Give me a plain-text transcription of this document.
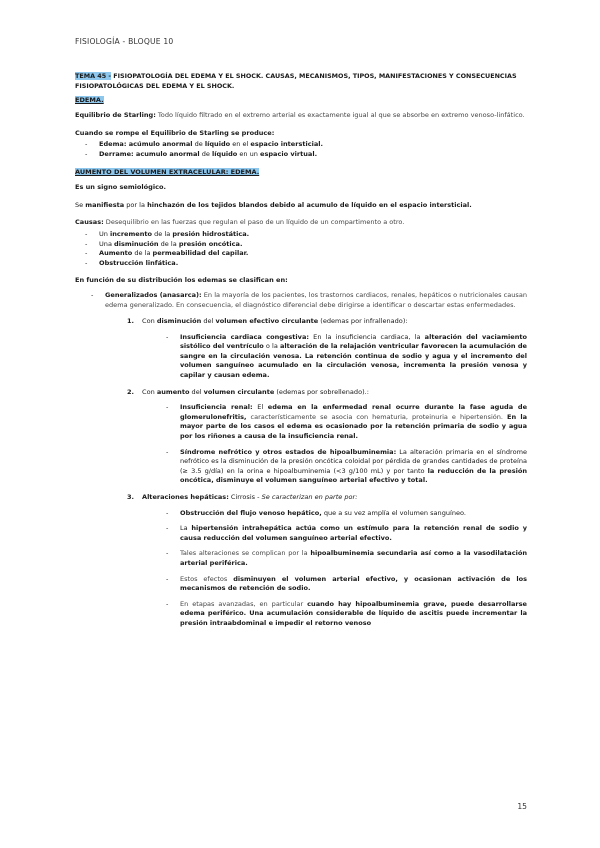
FISIOLOGÍA - BLOQUE 10

TEMA 45 - FISIOPATOLOGÍA DEL EDEMA Y EL SHOCK. CAUSAS, MECANISMOS, TIPOS, MANIFESTACIONES Y CONSECUENCIAS FISIOPATOLÓGICAS DEL EDEMA Y EL SHOCK.

EDEMA.

Equilibrio de Starling: Todo líquido filtrado en el extremo arterial es exactamente igual al que se absorbe en extremo venoso-linfático.

Cuando se rompe el Equilibrio de Starling se produce:

- Edema: acúmulo anormal de líquido en el espacio intersticial.
- Derrame: acumulo anormal de líquido en un espacio virtual.

AUMENTO DEL VOLUMEN EXTRACELULAR: EDEMA.

Es un signo semiológico.

Se manifiesta por la hinchazón de los tejidos blandos debido al acumulo de líquido en el espacio intersticial.

Causas: Desequilibrio en las fuerzas que regulan el paso de un líquido de un compartimento a otro.

- Un incremento de la presión hidrostática.
- Una disminución de la presión oncótica.
- Aumento de la permeabilidad del capilar.
- Obstrucción linfática.

En función de su distribución los edemas se clasifican en:

- Generalizados (anasarca): En la mayoría de los pacientes, los trastornos cardiacos, renales, hepáticos o nutricionales causan edema generalizado. En consecuencia, el diagnóstico diferencial debe dirigirse a identificar o descartar estas enfermedades.

1. Con disminución del volumen efectivo circulante (edemas por infrallenado):

- Insuficiencia cardiaca congestiva: En la insuficiencia cardiaca, la alteración del vaciamiento sistólico del ventrículo o la alteración de la relajación ventricular favorecen la acumulación de sangre en la circulación venosa. La retención continua de sodio y agua y el incremento del volumen sanguíneo acumulado en la circulación venosa, incrementa la presión venosa y capilar y causan edema.

2. Con aumento del volumen circulante (edemas por sobrellenado).:

- Insuficiencia renal: El edema en la enfermedad renal ocurre durante la fase aguda de glomerulonefritis, característicamente se asocia con hematuria, proteinuria e hipertensión. En la mayor parte de los casos el edema es ocasionado por la retención primaria de sodio y agua por los riñones a causa de la insuficiencia renal.
- Síndrome nefrótico y otros estados de hipoalbuminemia: La alteración primaria en el síndrome nefrótico es la disminución de la presión oncótica coloidal por pérdida de grandes cantidades de proteína (≥ 3.5 g/día) en la orina e hipoalbuminemia (<3 g/100 mL) y por tanto la reducción de la presión oncótica, disminuye el volumen sanguíneo arterial efectivo y total.

3. Alteraciones hepáticas: Cirrosis - Se caracterizan en parte por:

- Obstrucción del flujo venoso hepático, que a su vez amplía el volumen sanguíneo.
- La hipertensión intrahepática actúa como un estímulo para la retención renal de sodio y causa reducción del volumen sanguíneo arterial efectivo.
- Tales alteraciones se complican por la hipoalbuminemia secundaria así como a la vasodilatación arterial periférica.
- Estos efectos disminuyen el volumen arterial efectivo, y ocasionan activación de los mecanismos de retención de sodio.
- En etapas avanzadas, en particular cuando hay hipoalbuminemia grave, puede desarrollarse edema periférico. Una acumulación considerable de líquido de ascitis puede incrementar la presión intraabdominal e impedir el retorno venoso
15
